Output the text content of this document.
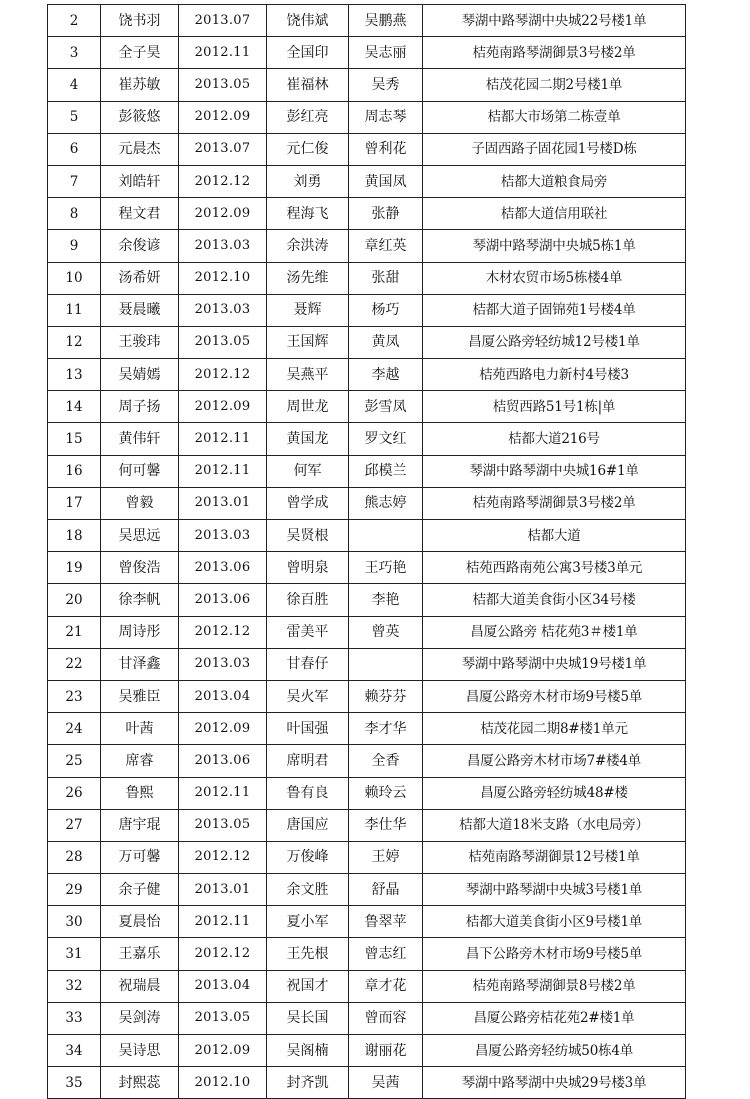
2	饶书羽	2013.07	饶伟斌	吴鹏燕	琴湖中路琴湖中央城22号楼1单
3	全子昊	2012.11	全国印	吴志丽	桔苑南路琴湖御景3号楼2单
4	崔苏敏	2013.05	崔福林	吴秀	桔茂花园二期2号楼1单
5	彭筱悠	2012.09	彭红亮	周志琴	桔都大市场第二栋壹单
6	元晨杰	2013.07	元仁俊	曾利花	子固西路子固花园1号楼D栋
7	刘皓轩	2012.12	刘勇	黄国凤	桔都大道粮食局旁
8	程文君	2012.09	程海飞	张静	桔都大道信用联社
9	余俊谚	2013.03	余洪涛	章红英	琴湖中路琴湖中央城5栋1单
10	汤希妍	2012.10	汤先维	张甜	木材农贸市场5栋楼4单
11	聂晨曦	2013.03	聂辉	杨巧	桔都大道子固锦苑1号楼4单
12	王骏玮	2013.05	王国辉	黄凤	昌厦公路旁轻纺城12号楼1单
13	吴婧嫣	2012.12	吴燕平	李越	桔苑西路电力新村4号楼3
14	周子扬	2012.09	周世龙	彭雪凤	桔贸西路51号1栋|单
15	黄伟轩	2012.11	黄国龙	罗文红	桔都大道216号
16	何可馨	2012.11	何军	邱模兰	琴湖中路琴湖中央城16#1单
17	曾毅	2013.01	曾学成	熊志婷	桔苑南路琴湖御景3号楼2单
18	吴思远	2013.03	吴贤根		桔都大道
19	曾俊浩	2013.06	曾明泉	王巧艳	桔苑西路南苑公寓3号楼3单元
20	徐李帆	2013.06	徐百胜	李艳	桔都大道美食街小区34号楼
21	周诗彤	2012.12	雷美平	曾英	昌厦公路旁 桔花苑3＃楼1单
22	甘泽鑫	2013.03	甘春仔		琴湖中路琴湖中央城19号楼1单
23	吴雅臣	2013.04	吴火军	赖芬芬	昌厦公路旁木材市场9号楼5单
24	叶茜	2012.09	叶国强	李才华	桔茂花园二期8#楼1单元
25	席睿	2013.06	席明君	全香	昌厦公路旁木材市场7#楼4单
26	鲁熙	2012.11	鲁有良	赖玲云	昌厦公路旁轻纺城48#楼
27	唐宇琨	2013.05	唐国应	李仕华	桔都大道18米支路（水电局旁）
28	万可馨	2012.12	万俊峰	王婷	桔苑南路琴湖御景12号楼1单
29	余子健	2013.01	余文胜	舒晶	琴湖中路琴湖中央城3号楼1单
30	夏晨怡	2012.11	夏小军	鲁翠苹	桔都大道美食街小区9号楼1单
31	王嘉乐	2012.12	王先根	曾志红	昌下公路旁木材市场9号楼5单
32	祝瑞晨	2013.04	祝国才	章才花	桔苑南路琴湖御景8号楼2单
33	吴剑涛	2013.05	吴长国	曾而容	昌厦公路旁桔花苑2#楼1单
34	吴诗思	2012.09	吴阁楠	谢丽花	昌厦公路旁轻纺城50栋4单
35	封熙蕊	2012.10	封齐凯	吴茜	琴湖中路琴湖中央城29号楼3单
